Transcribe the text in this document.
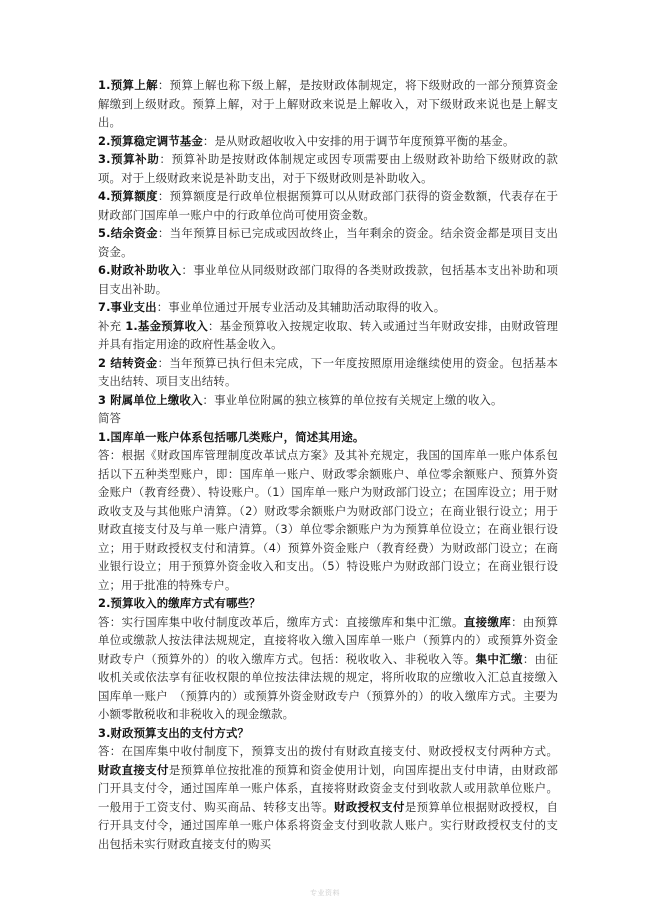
1.预算上解：预算上解也称下级上解，是按财政体制规定，将下级财政的一部分预算资金解缴到上级财政。预算上解，对于上解财政来说是上解收入，对下级财政来说也是上解支出。

2.预算稳定调节基金：是从财政超收收入中安排的用于调节年度预算平衡的基金。

3.预算补助：预算补助是按财政体制规定或因专项需要由上级财政补助给下级财政的款项。对于上级财政来说是补助支出，对于下级财政则是补助收入。

4.预算额度：预算额度是行政单位根据预算可以从财政部门获得的资金数额，代表存在于财政部门国库单一账户中的行政单位尚可使用资金数。

5.结余资金：当年预算目标已完成或因故终止，当年剩余的资金。结余资金都是项目支出资金。

6.财政补助收入：事业单位从同级财政部门取得的各类财政拨款，包括基本支出补助和项目支出补助。

7.事业支出：事业单位通过开展专业活动及其辅助活动取得的收入。

补充 1.基金预算收入：基金预算收入按规定收取、转入或通过当年财政安排，由财政管理并具有指定用途的政府性基金收入。

2 结转资金：当年预算已执行但未完成，下一年度按照原用途继续使用的资金。包括基本支出结转、项目支出结转。

3 附属单位上缴收入：事业单位附属的独立核算的单位按有关规定上缴的收入。

简答

1.国库单一账户体系包括哪几类账户，简述其用途。

答：根据《财政国库管理制度改革试点方案》及其补充规定，我国的国库单一账户体系包括以下五种类型账户，即：国库单一账户、财政零余额账户、单位零余额账户、预算外资金账户（教育经费）、特设账户。（1）国库单一账户为财政部门设立；在国库设立；用于财政收支及与其他账户清算。（2）财政零余额账户为财政部门设立；在商业银行设立；用于财政直接支付及与单一账户清算。（3）单位零余额账户为为预算单位设立；在商业银行设立；用于财政授权支付和清算。（4）预算外资金账户（教育经费）为财政部门设立；在商业银行设立；用于预算外资金收入和支出。（5）特设账户为财政部门设立；在商业银行设立；用于批准的特殊专户。

2.预算收入的缴库方式有哪些？

答：实行国库集中收付制度改革后，缴库方式：直接缴库和集中汇缴。直接缴库：由预算单位或缴款人按法律法规规定，直接将收入缴入国库单一账户（预算内的）或预算外资金财政专户（预算外的）的收入缴库方式。包括：税收收入、非税收入等。集中汇缴：由征收机关或依法享有征收权限的单位按法律法规的规定，将所收取的应缴收入汇总直接缴入国库单一账户　（预算内的）或预算外资金财政专户（预算外的）的收入缴库方式。主要为小额零散税收和非税收入的现金缴款。

3.财政预算支出的支付方式？

答：在国库集中收付制度下，预算支出的拨付有财政直接支付、财政授权支付两种方式。财政直接支付是预算单位按批准的预算和资金使用计划，向国库提出支付申请，由财政部门开具支付令，通过国库单一账户体系，直接将财政资金支付到收款人或用款单位账户。一般用于工资支付、购买商品、转移支出等。财政授权支付是预算单位根据财政授权，自行开具支付令，通过国库单一账户体系将资金支付到收款人账户。实行财政授权支付的支出包括未实行财政直接支付的购买

专业资料
